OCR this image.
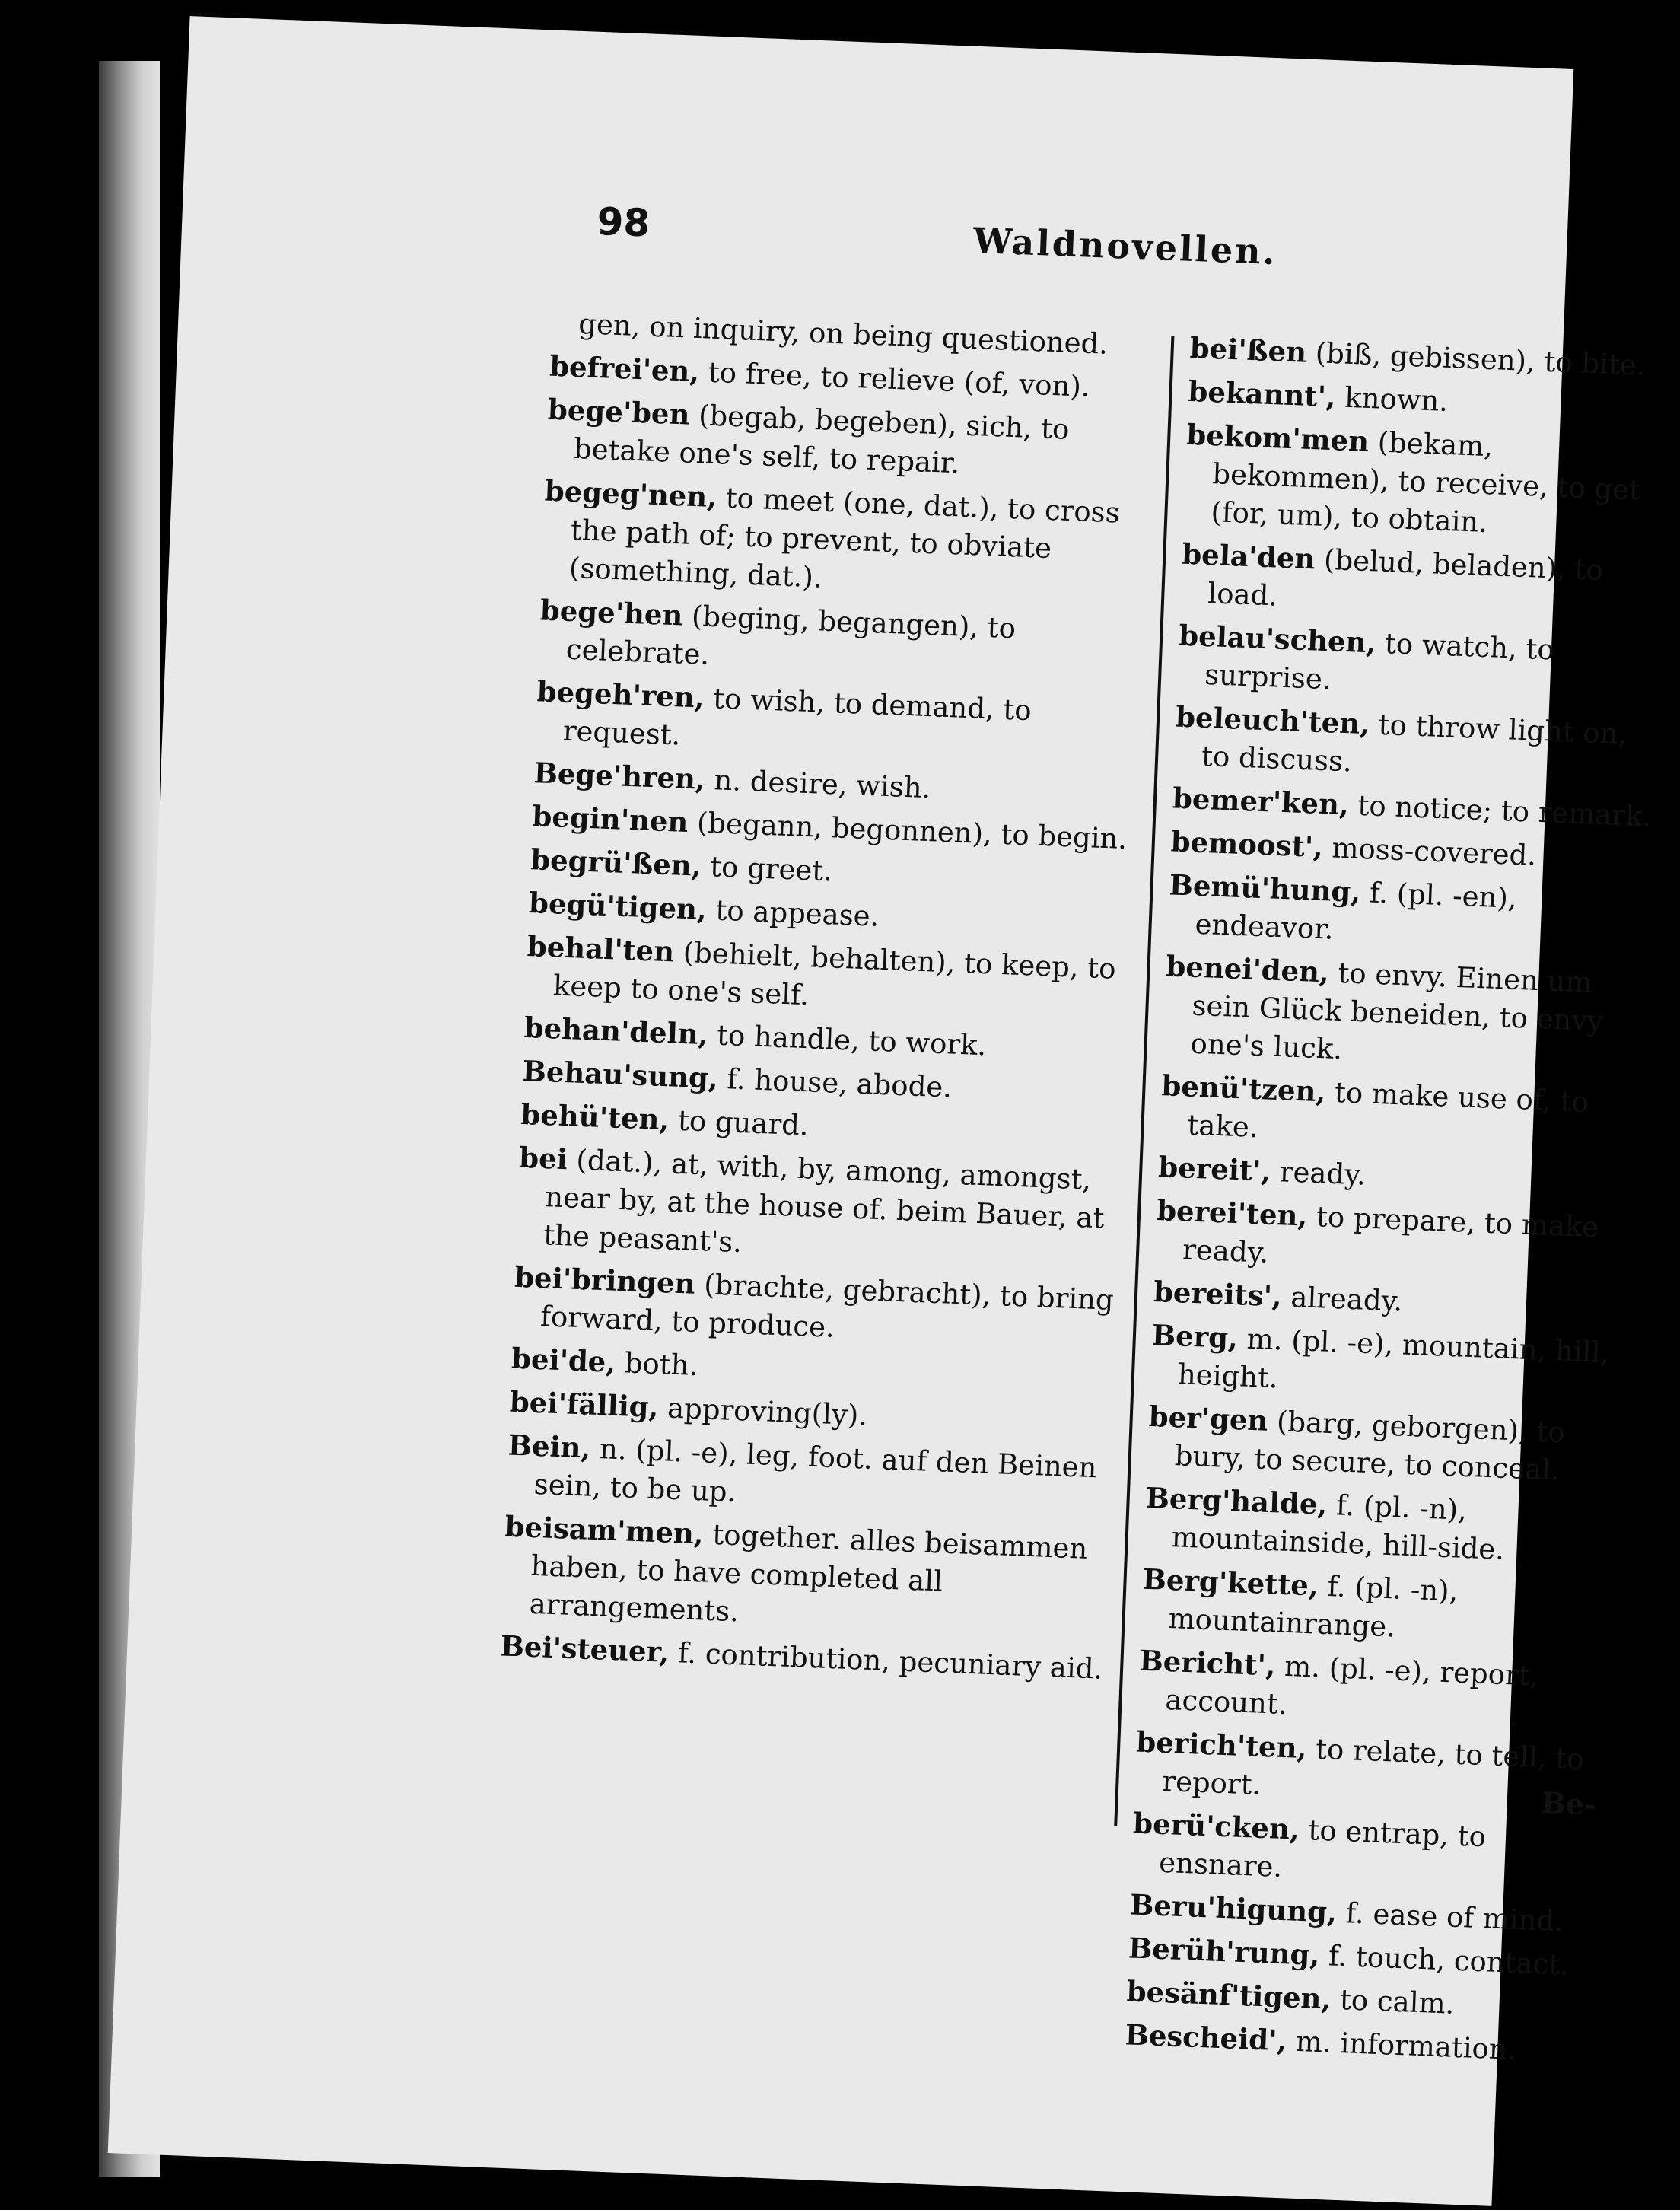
98	Waldnovellen.
gen, on inquiry, on being questioned.
befrei'en, to free, to relieve (of, von).
bege'ben (begab, begeben), sich, to betake one's self, to repair.
begeg'nen, to meet (one, dat.), to cross the path of; to prevent, to obviate (something, dat.).
bege'hen (beging, begangen), to celebrate.
begeh'ren, to wish, to demand, to request.
Bege'hren, n. desire, wish.
begin'nen (begann, begonnen), to begin.
begrü'ßen, to greet.
begü'tigen, to appease.
behal'ten (behielt, behalten), to keep, to keep to one's self.
behan'deln, to handle, to work.
Behau'sung, f. house, abode.
behü'ten, to guard.
bei (dat.), at, with, by, among, amongst, near by, at the house of. beim Bauer, at the peasant's.
bei'bringen (brachte, gebracht), to bring forward, to produce.
bei'de, both.
bei'fällig, approving(ly).
Bein, n. (pl. -e), leg, foot. auf den Beinen sein, to be up.
beisam'men, together. alles beisammen haben, to have completed all arrangements.
Bei'steuer, f. contribution, pecuniary aid.
bei'ßen (biß, gebissen), to bite.
bekannt', known.
bekom'men (bekam, bekommen), to receive, to get (for, um), to obtain.
bela'den (belud, beladen), to load.
belau'schen, to watch, to surprise.
beleuch'ten, to throw light on, to discuss.
bemer'ken, to notice; to remark.
bemoost', moss-covered.
Bemü'hung, f. (pl. -en), endeavor.
benei'den, to envy. Einen um sein Glück beneiden, to envy one's luck.
benü'tzen, to make use of, to take.
bereit', ready.
berei'ten, to prepare, to make ready.
bereits', already.
Berg, m. (pl. -e), mountain, hill, height.
ber'gen (barg, geborgen), to bury, to secure, to conceal.
Berg'halde, f. (pl. -n), mountainside, hill-side.
Berg'kette, f. (pl. -n), mountainrange.
Bericht', m. (pl. -e), report, account.
berich'ten, to relate, to tell, to report.
berü'cken, to entrap, to ensnare.
Beru'higung, f. ease of mind.
Berüh'rung, f. touch, contact.
besänf'tigen, to calm.
Bescheid', m. information.
Be-
